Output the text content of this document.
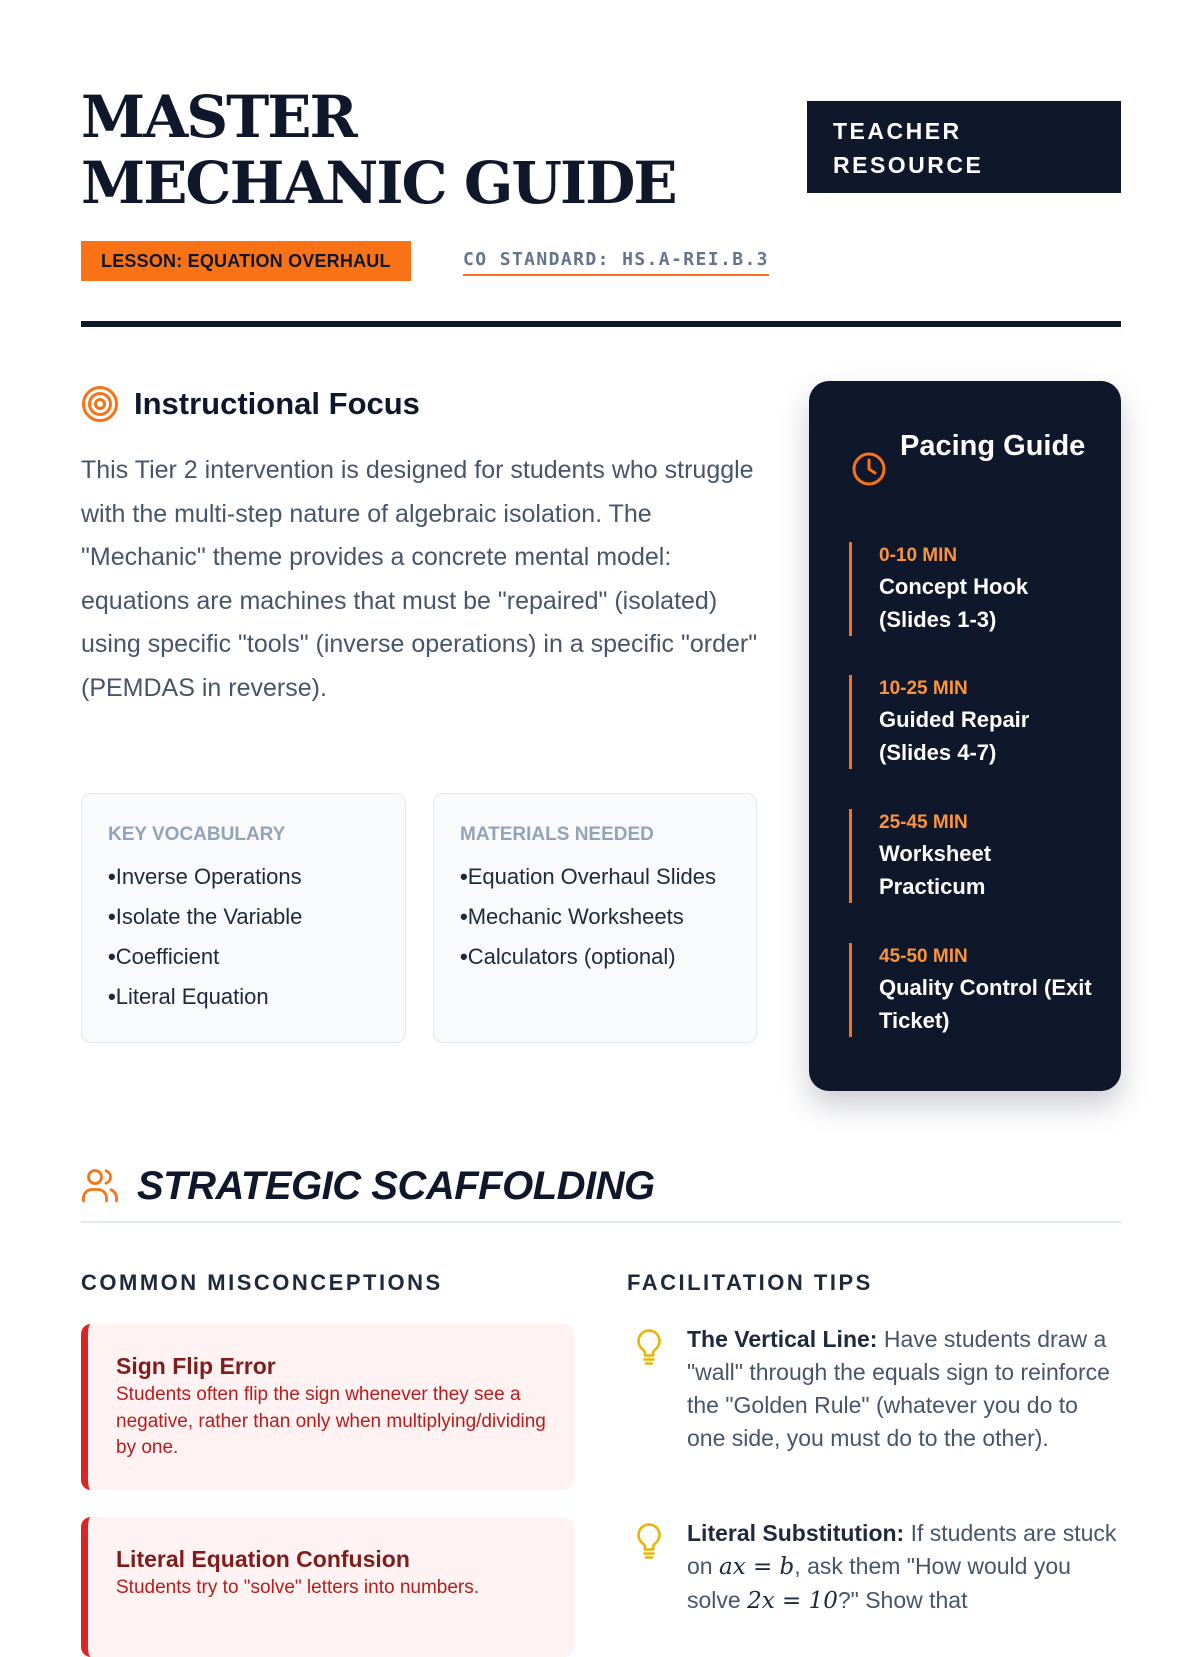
MASTER MECHANIC GUIDE
TEACHER RESOURCE
LESSON: EQUATION OVERHAUL	CO STANDARD: HS.A-REI.B.3
Instructional Focus

This Tier 2 intervention is designed for students who struggle with the multi-step nature of algebraic isolation. The "Mechanic" theme provides a concrete mental model: equations are machines that must be "repaired" (isolated) using specific "tools" (inverse operations) in a specific "order" (PEMDAS in reverse).

KEY VOCABULARY
• Inverse Operations
• Isolate the Variable
• Coefficient
• Literal Equation
MATERIALS NEEDED
• Equation Overhaul Slides
• Mechanic Worksheets
• Calculators (optional)
Pacing Guide
0-10 MIN
Concept Hook (Slides 1-3)
10-25 MIN
Guided Repair (Slides 4-7)
25-45 MIN
Worksheet Practicum
45-50 MIN
Quality Control (Exit Ticket)
STRATEGIC SCAFFOLDING
COMMON MISCONCEPTIONS	FACILITATION TIPS
Sign Flip Error
Students often flip the sign whenever they see a negative, rather than only when multiplying/dividing by one.
Literal Equation Confusion
Students try to "solve" letters into numbers.

The Vertical Line: Have students draw a "wall" through the equals sign to reinforce the "Golden Rule" (whatever you do to one side, you must do to the other).

Literal Substitution: If students are stuck on ax = b, ask them "How would you solve 2x = 10?" Show that
